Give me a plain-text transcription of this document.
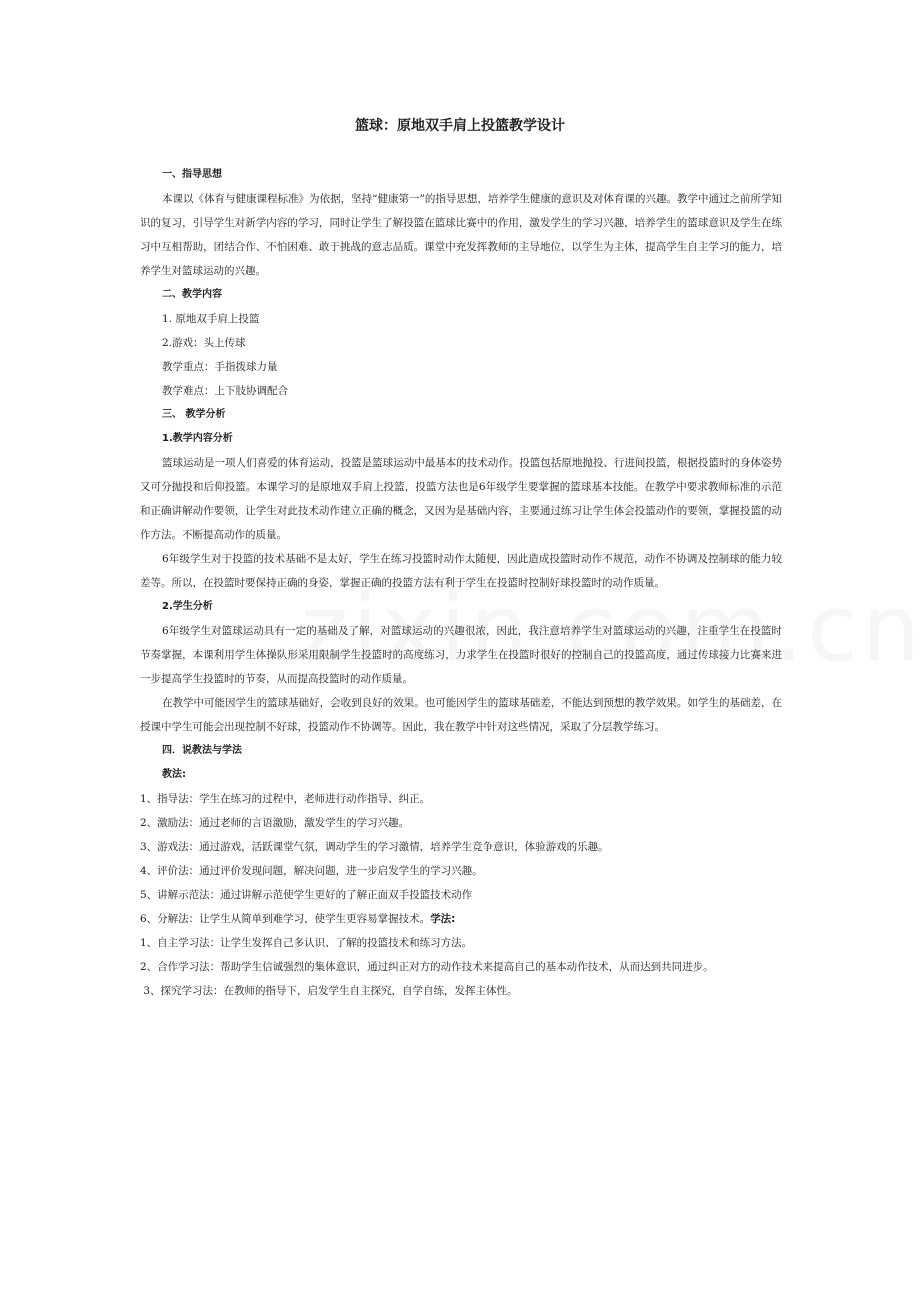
篮球：原地双手肩上投篮教学设计

一、指导思想

本课以《体育与健康课程标准》为依据，坚持“健康第一”的指导思想，培养学生健康的意识及对体育课的兴趣。教学中通过之前所学知识的复习，引导学生对新学内容的学习，同时让学生了解投篮在篮球比赛中的作用，激发学生的学习兴趣，培养学生的篮球意识及学生在练习中互相帮助，团结合作、不怕困难、敢于挑战的意志品质。课堂中充发挥教师的主导地位，以学生为主体，提高学生自主学习的能力，培养学生对篮球运动的兴趣。

二、教学内容

1. 原地双手肩上投篮

2.游戏：头上传球

教学重点：手指拨球力量

教学难点：上下肢协调配合

三、 教学分析

1.教学内容分析

篮球运动是一项人们喜爱的体育运动，投篮是篮球运动中最基本的技术动作。投篮包括原地抛投、行进间投篮，根据投篮时的身体姿势又可分抛投和后仰投篮。本课学习的是原地双手肩上投篮，投篮方法也是6年级学生要掌握的篮球基本技能。在教学中要求教师标准的示范和正确讲解动作要领，让学生对此技术动作建立正确的概念，又因为是基础内容，主要通过练习让学生体会投篮动作的要领，掌握投篮的动作方法。不断提高动作的质量。

6年级学生对于投篮的技术基础不是太好，学生在练习投篮时动作太随便，因此造成投篮时动作不规范，动作不协调及控制球的能力较差等。所以，在投篮时要保持正确的身姿，掌握正确的投篮方法有利于学生在投篮时控制好球投篮时的动作质量。

2.学生分析

6年级学生对篮球运动具有一定的基础及了解，对篮球运动的兴趣很浓，因此，我注意培养学生对篮球运动的兴趣，注重学生在投篮时节奏掌握，本课利用学生体操队形采用限制学生投篮时的高度练习，力求学生在投篮时很好的控制自己的投篮高度，通过传球接力比赛来进一步提高学生投篮时的节奏，从而提高投篮时的动作质量。

在教学中可能因学生的篮球基础好，会收到良好的效果。也可能因学生的篮球基础差，不能达到预想的教学效果。如学生的基础差，在授课中学生可能会出现控制不好球，投篮动作不协调等。因此，我在教学中针对这些情况，采取了分层教学练习。

四．说教法与学法

教法:

1、指导法：学生在练习的过程中，老师进行动作指导、纠正。

2、激励法：通过老师的言语激励，激发学生的学习兴趣。

3、游戏法：通过游戏，活跃课堂气氛，调动学生的学习激情，培养学生竞争意识，体验游戏的乐趣。

4、评价法：通过评价发现问题，解决问题，进一步启发学生的学习兴趣。

5、讲解示范法：通过讲解示范使学生更好的了解正面双手投篮技术动作

6、分解法：让学生从简单到难学习，使学生更容易掌握技术。学法:

1、自主学习法：让学生发挥自己多认识、了解的投篮技术和练习方法。

2、合作学习法：帮助学生信诚强烈的集体意识，通过纠正对方的动作技术来提高自己的基本动作技术，从而达到共同进步。

3、探究学习法：在教师的指导下，启发学生自主探究，自学自练，发挥主体性。
